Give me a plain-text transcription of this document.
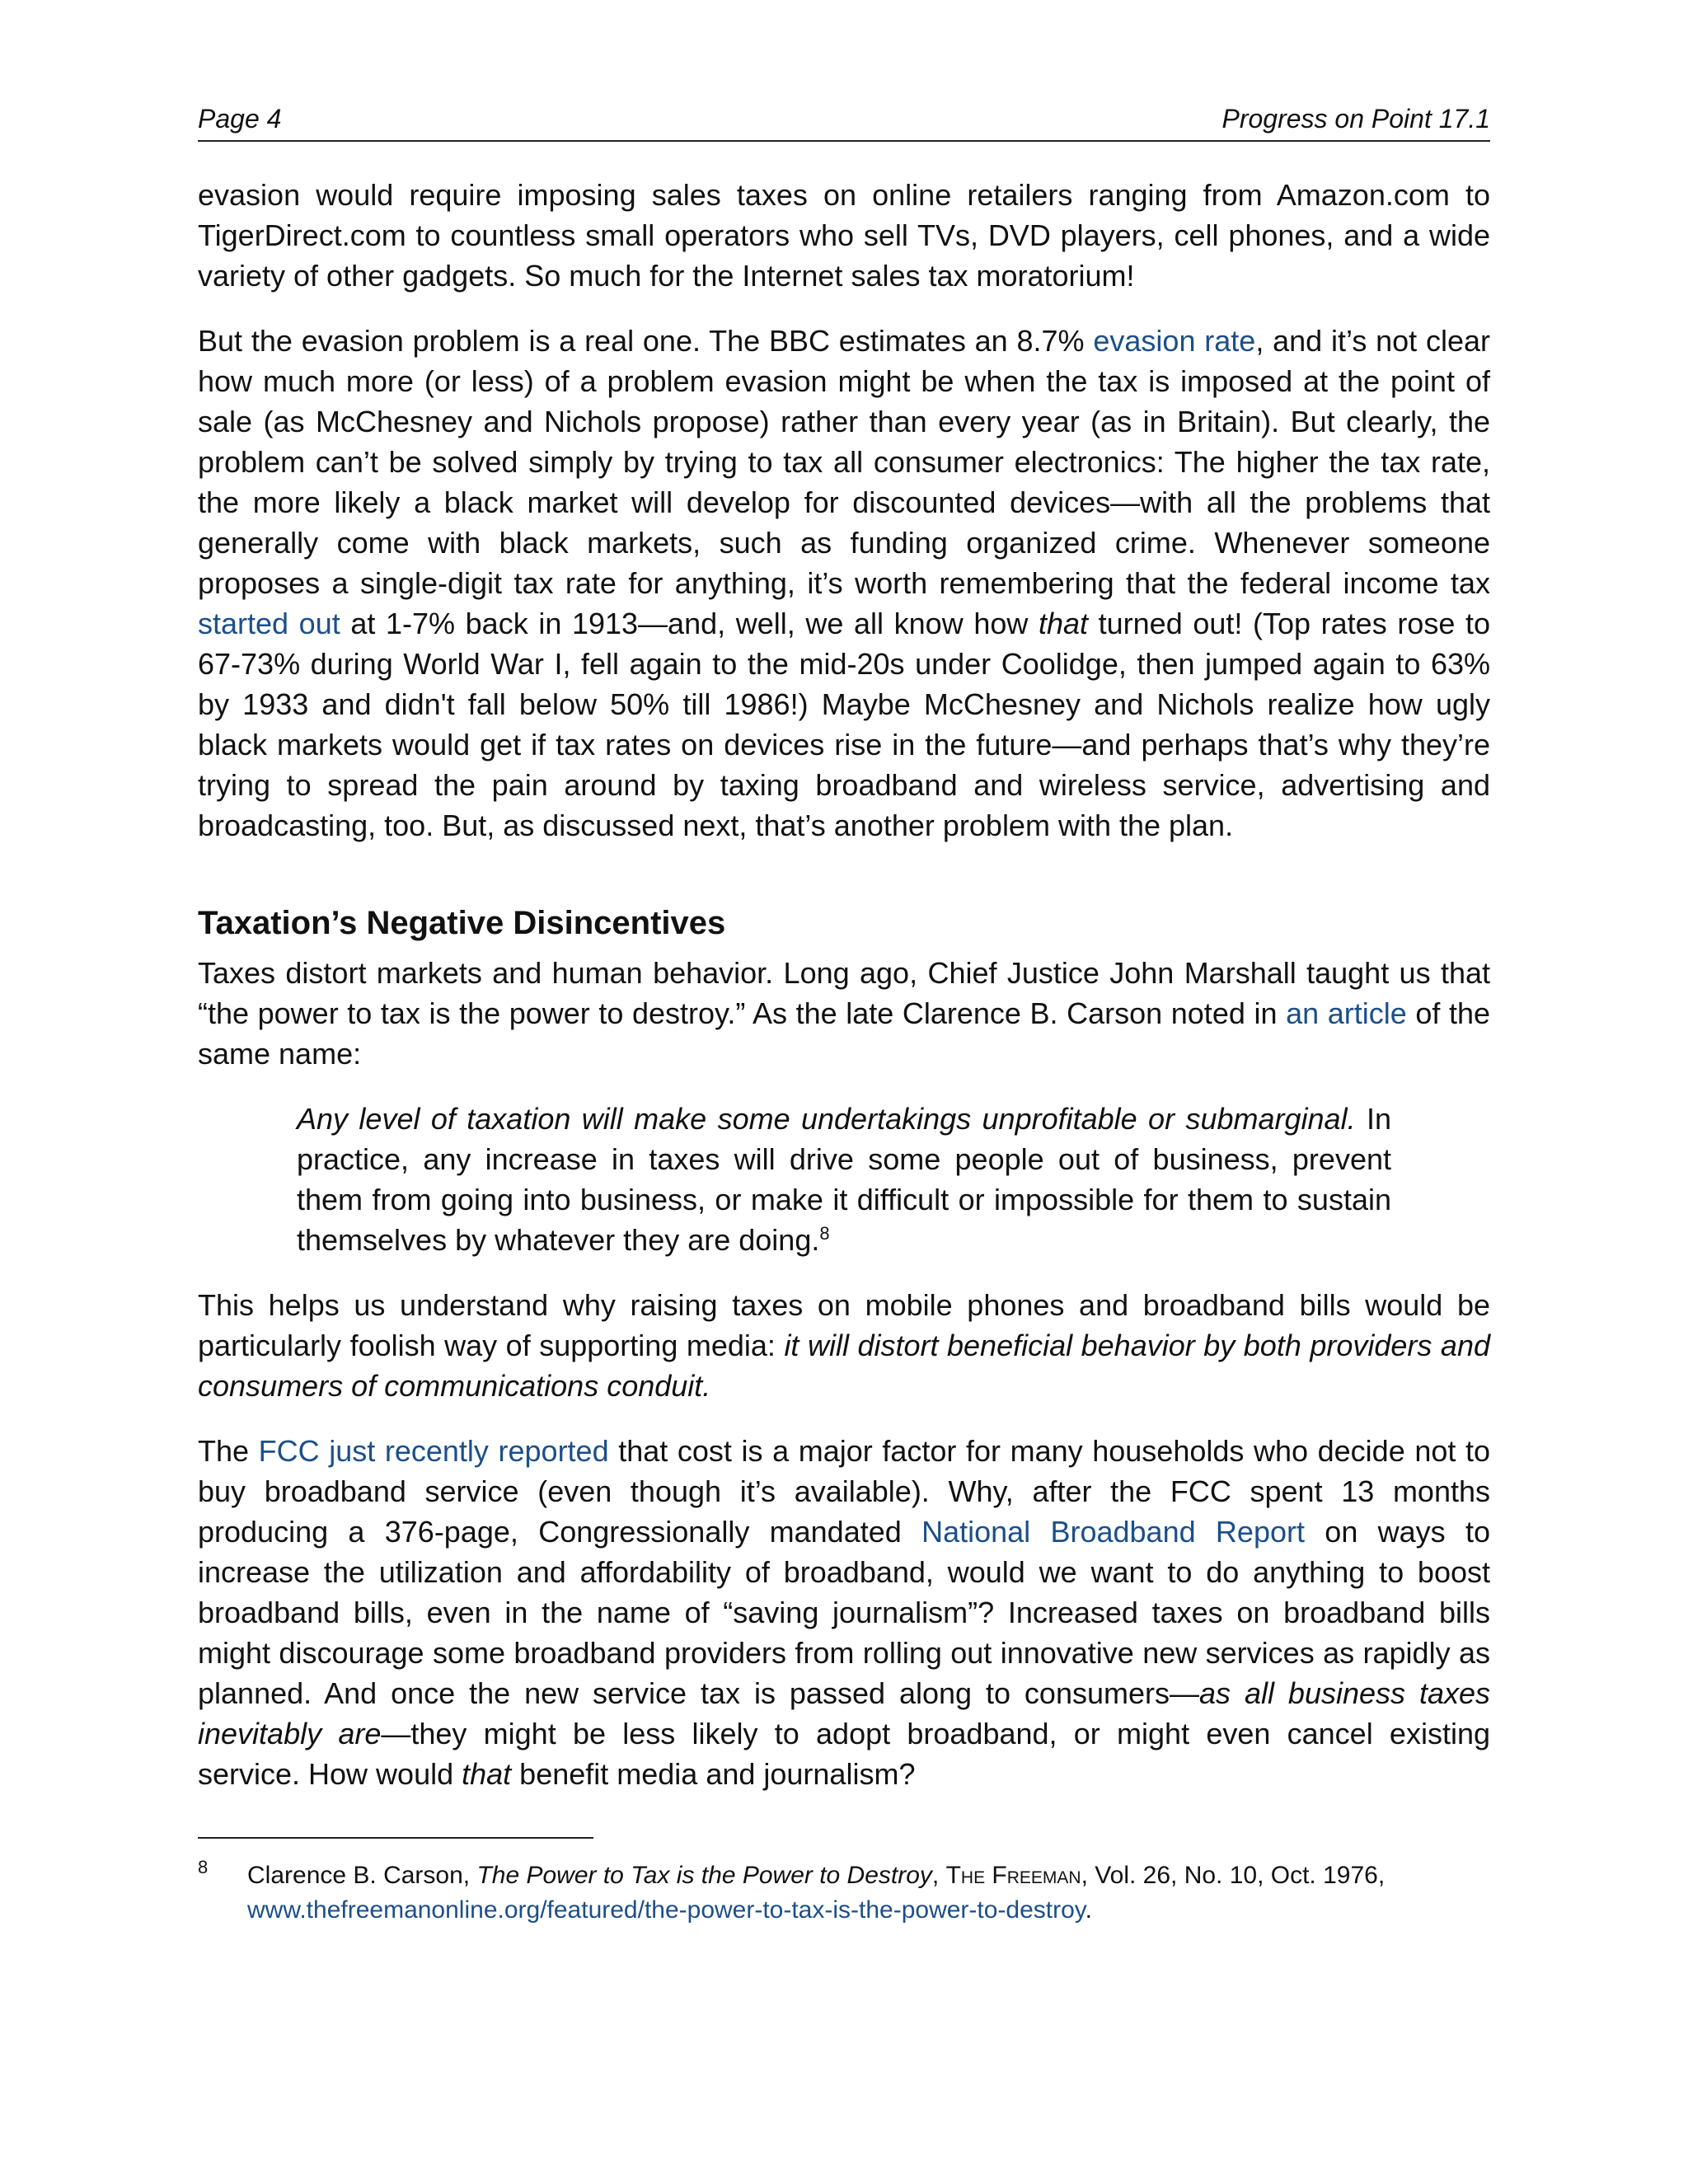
Page 4	Progress on Point 17.1

evasion would require imposing sales taxes on online retailers ranging from Amazon.com to TigerDirect.com to countless small operators who sell TVs, DVD players, cell phones, and a wide variety of other gadgets. So much for the Internet sales tax moratorium!

But the evasion problem is a real one. The BBC estimates an 8.7% evasion rate, and it’s not clear how much more (or less) of a problem evasion might be when the tax is imposed at the point of sale (as McChesney and Nichols propose) rather than every year (as in Britain). But clearly, the problem can’t be solved simply by trying to tax all consumer electronics: The higher the tax rate, the more likely a black market will develop for discounted devices—with all the problems that generally come with black markets, such as funding organized crime. Whenever someone proposes a single-digit tax rate for anything, it’s worth remembering that the federal income tax started out at 1-7% back in 1913—and, well, we all know how that turned out! (Top rates rose to 67-73% during World War I, fell again to the mid-20s under Coolidge, then jumped again to 63% by 1933 and didn't fall below 50% till 1986!) Maybe McChesney and Nichols realize how ugly black markets would get if tax rates on devices rise in the future—and perhaps that’s why they’re trying to spread the pain around by taxing broadband and wireless service, advertising and broadcasting, too. But, as discussed next, that’s another problem with the plan.

Taxation’s Negative Disincentives

Taxes distort markets and human behavior. Long ago, Chief Justice John Marshall taught us that “the power to tax is the power to destroy.” As the late Clarence B. Carson noted in an article of the same name:

Any level of taxation will make some undertakings unprofitable or submarginal. In practice, any increase in taxes will drive some people out of business, prevent them from going into business, or make it difficult or impossible for them to sustain themselves by whatever they are doing.$^8$

This helps us understand why raising taxes on mobile phones and broadband bills would be particularly foolish way of supporting media: it will distort beneficial behavior by both providers and consumers of communications conduit.

The FCC just recently reported that cost is a major factor for many households who decide not to buy broadband service (even though it’s available). Why, after the FCC spent 13 months producing a 376-page, Congressionally mandated National Broadband Report on ways to increase the utilization and affordability of broadband, would we want to do anything to boost broadband bills, even in the name of “saving journalism”? Increased taxes on broadband bills might discourage some broadband providers from rolling out innovative new services as rapidly as planned. And once the new service tax is passed along to consumers—as all business taxes inevitably are—they might be less likely to adopt broadband, or might even cancel existing service. How would that benefit media and journalism?

8 Clarence B. Carson, The Power to Tax is the Power to Destroy, The Freeman, Vol. 26, No. 10, Oct. 1976, www.thefreemanonline.org/featured/the-power-to-tax-is-the-power-to-destroy.
